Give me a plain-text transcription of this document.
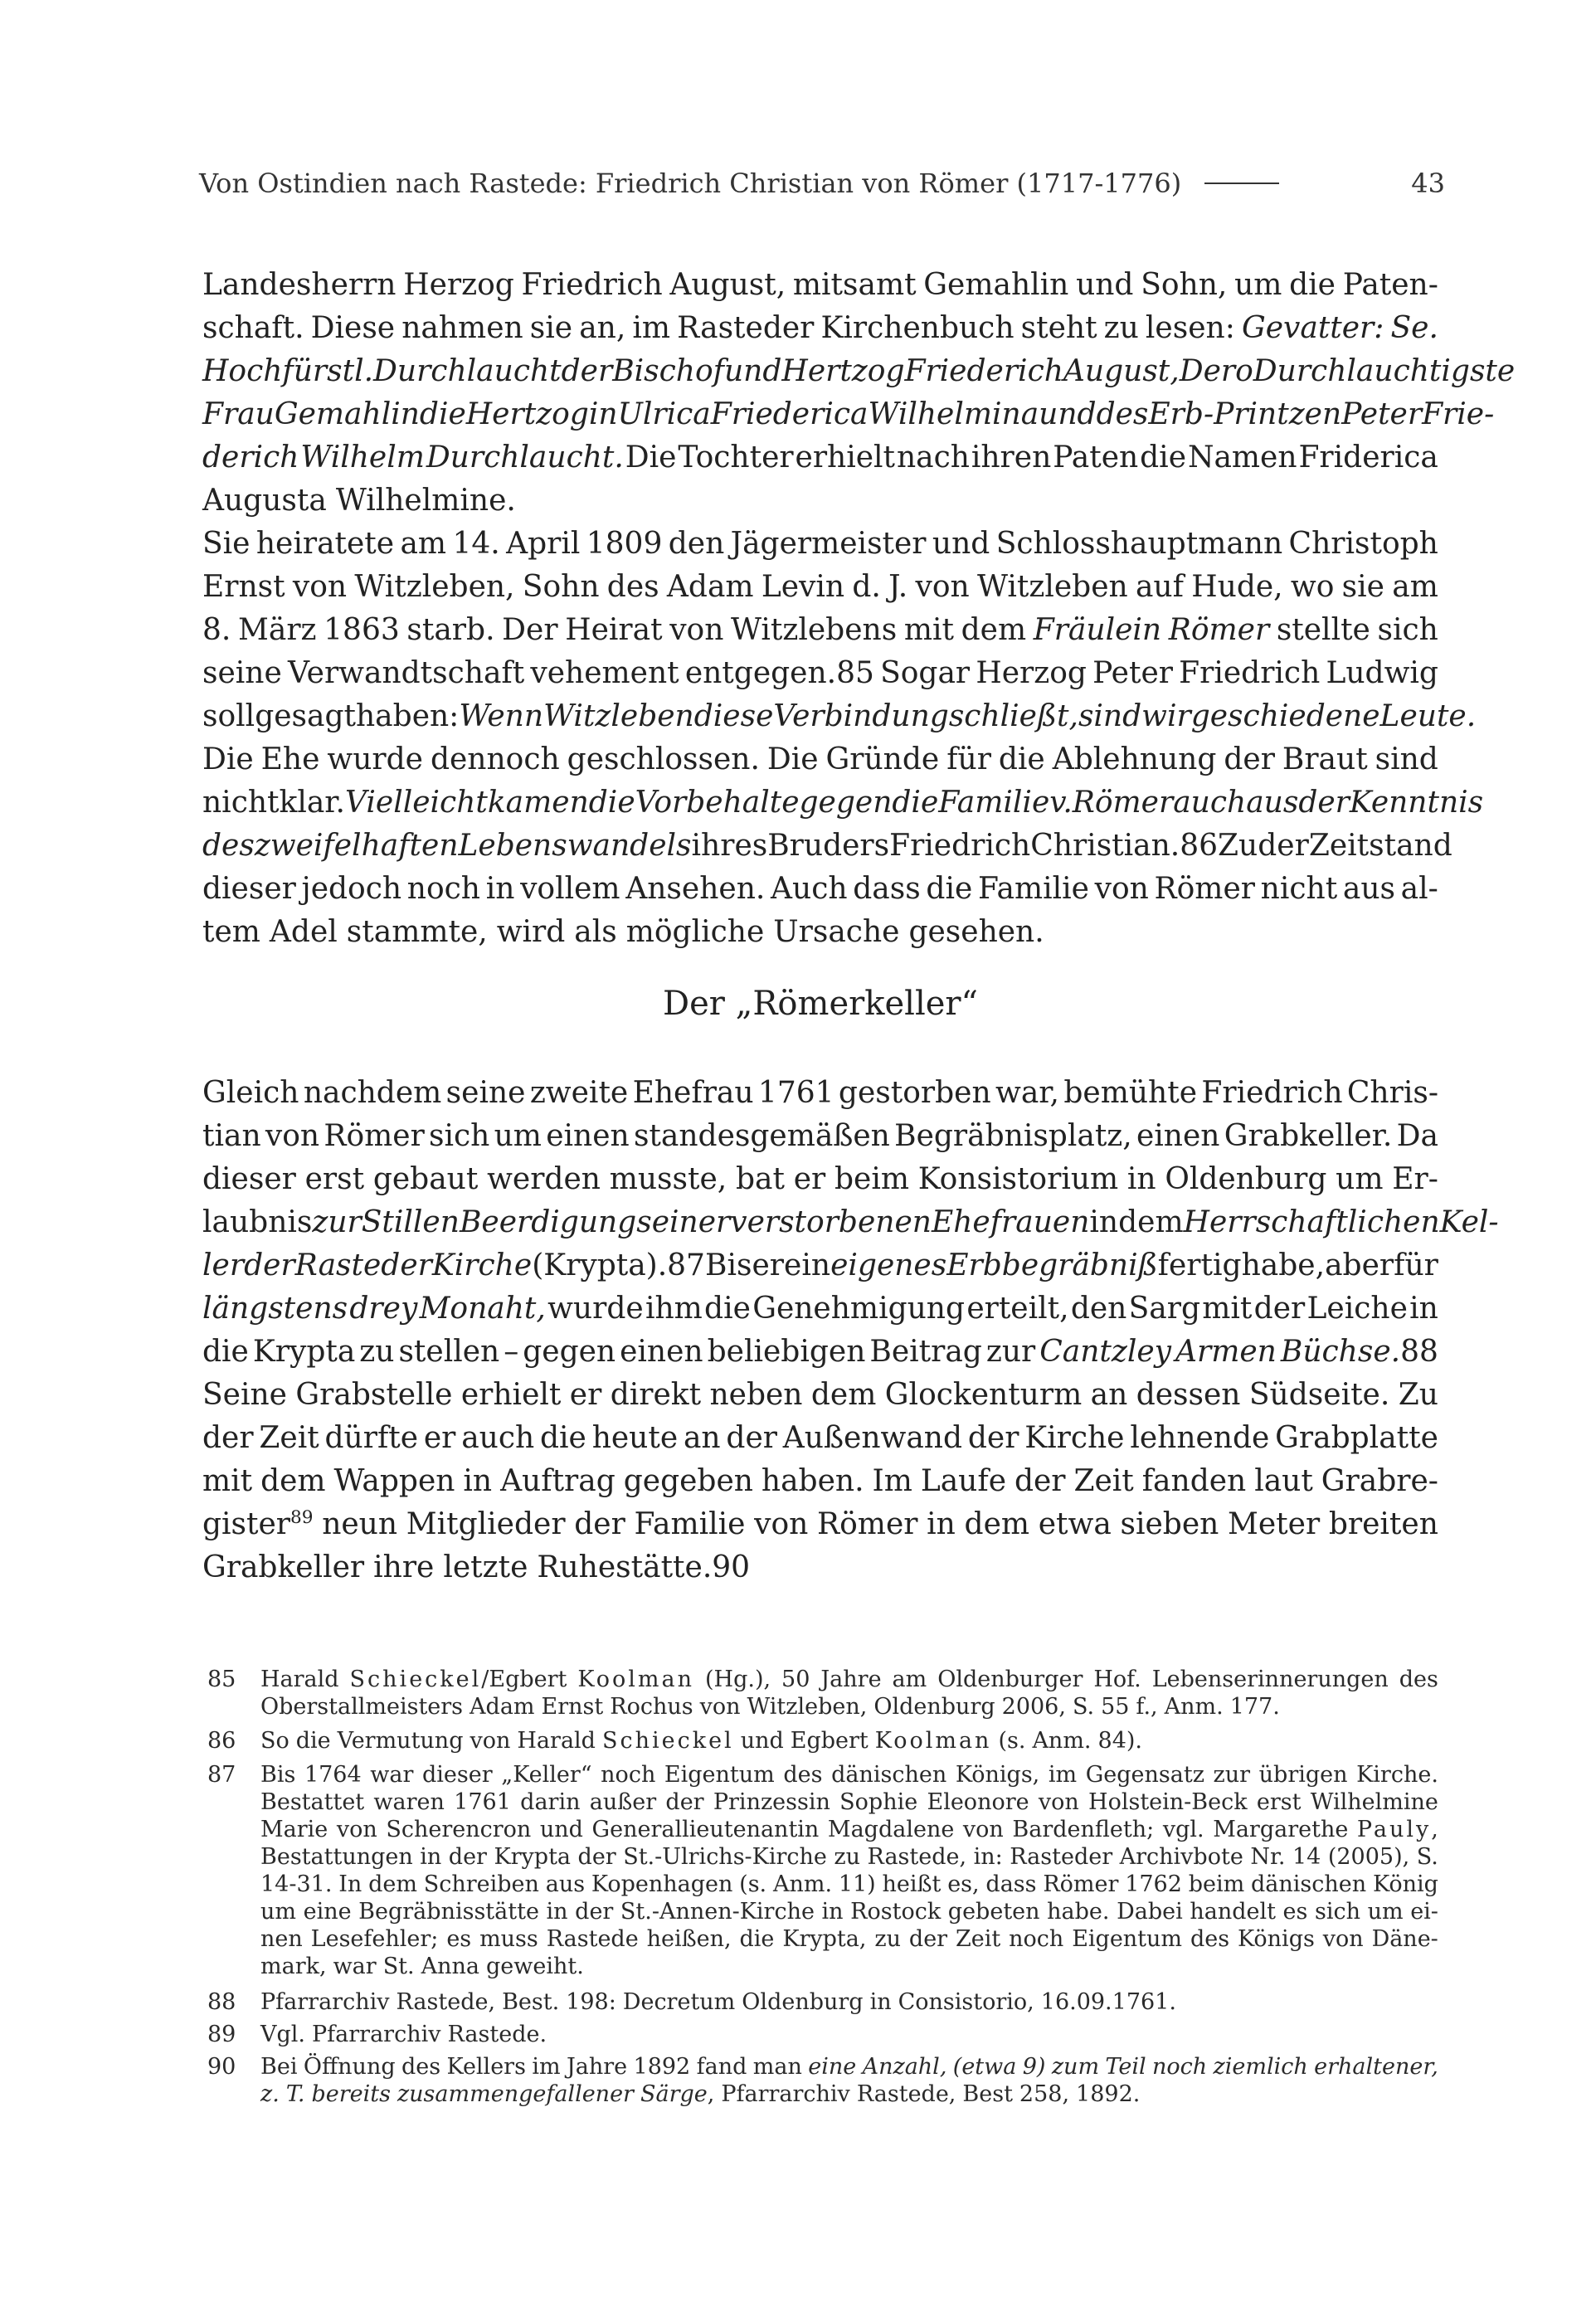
Von Ostindien nach Rastede: Friedrich Christian von Römer (1717-1776)	43
Landesherrn Herzog Friedrich August, mitsamt Gemahlin und Sohn, um die Paten-
schaft. Diese nahmen sie an, im Rasteder Kirchenbuch steht zu lesen: Gevatter: Se.
Hochfürstl. Durchlaucht der Bischof und Hertzog Friederich August, Dero Durchlauchtigste
Frau Gemahlin die Hertzogin Ulrica Friederica Wilhelmina und des Erb-Printzen Peter Frie-
derich Wilhelm Durchlaucht. Die Tochter erhielt nach ihren Paten die Namen Friderica
Augusta Wilhelmine.
Sie heiratete am 14. April 1809 den Jägermeister und Schlosshauptmann Christoph
Ernst von Witzleben, Sohn des Adam Levin d. J. von Witzleben auf Hude, wo sie am
8. März 1863 starb. Der Heirat von Witzlebens mit dem Fräulein Römer stellte sich
seine Verwandtschaft vehement entgegen.85 Sogar Herzog Peter Friedrich Ludwig
soll gesagt haben: Wenn Witzleben diese Verbindung schließt, sind wir geschiedene Leute.
Die Ehe wurde dennoch geschlossen. Die Gründe für die Ablehnung der Braut sind
nicht klar. Vielleicht kamen die Vorbehalte gegen die Familie v. Römer auch aus der Kenntnis
des zweifelhaften Lebenswandels ihres Bruders Friedrich Christian.86 Zu der Zeit stand
dieser jedoch noch in vollem Ansehen. Auch dass die Familie von Römer nicht aus al-
tem Adel stammte, wird als mögliche Ursache gesehen.
Der „Römerkeller“
Gleich nachdem seine zweite Ehefrau 1761 gestorben war, bemühte Friedrich Chris-
tian von Römer sich um einen standesgemäßen Begräbnisplatz, einen Grabkeller. Da
dieser erst gebaut werden musste, bat er beim Konsistorium in Oldenburg um Er-
laubnis zur Stillen Beerdigung seiner verstorbenen Ehefrauen in dem Herrschaftlichen Kel-
ler der Rasteder Kirche (Krypta).87 Bis er ein eigenes Erbbegräbniß fertig habe, aber für
längstens drey Monaht, wurde ihm die Genehmigung erteilt, den Sarg mit der Leiche in
die Krypta zu stellen – gegen einen beliebigen Beitrag zur Cantzley Armen Büchse.88
Seine Grabstelle erhielt er direkt neben dem Glockenturm an dessen Südseite. Zu
der Zeit dürfte er auch die heute an der Außenwand der Kirche lehnende Grabplatte
mit dem Wappen in Auftrag gegeben haben. Im Laufe der Zeit fanden laut Grabre-
gister$^{89}$ neun Mitglieder der Familie von Römer in dem etwa sieben Meter breiten
Grabkeller ihre letzte Ruhestätte.90
85 Harald Schieckel/Egbert Koolman (Hg.), 50 Jahre am Oldenburger Hof. Lebenserinnerungen des
Oberstallmeisters Adam Ernst Rochus von Witzleben, Oldenburg 2006, S. 55 f., Anm. 177.
86 So die Vermutung von Harald Schieckel und Egbert Koolman (s. Anm. 84).
87 Bis 1764 war dieser „Keller“ noch Eigentum des dänischen Königs, im Gegensatz zur übrigen Kirche.
Bestattet waren 1761 darin außer der Prinzessin Sophie Eleonore von Holstein-Beck erst Wilhelmine
Marie von Scherencron und Generallieutenantin Magdalene von Bardenfleth; vgl. Margarethe Pauly,
Bestattungen in der Krypta der St.-Ulrichs-Kirche zu Rastede, in: Rasteder Archivbote Nr. 14 (2005), S.
14-31. In dem Schreiben aus Kopenhagen (s. Anm. 11) heißt es, dass Römer 1762 beim dänischen König
um eine Begräbnisstätte in der St.-Annen-Kirche in Rostock gebeten habe. Dabei handelt es sich um ei-
nen Lesefehler; es muss Rastede heißen, die Krypta, zu der Zeit noch Eigentum des Königs von Däne-
mark, war St. Anna geweiht.
88 Pfarrarchiv Rastede, Best. 198: Decretum Oldenburg in Consistorio, 16.09.1761.
89 Vgl. Pfarrarchiv Rastede.
90 Bei Öffnung des Kellers im Jahre 1892 fand man eine Anzahl, (etwa 9) zum Teil noch ziemlich erhaltener,
z. T. bereits zusammengefallener Särge, Pfarrarchiv Rastede, Best 258, 1892.
